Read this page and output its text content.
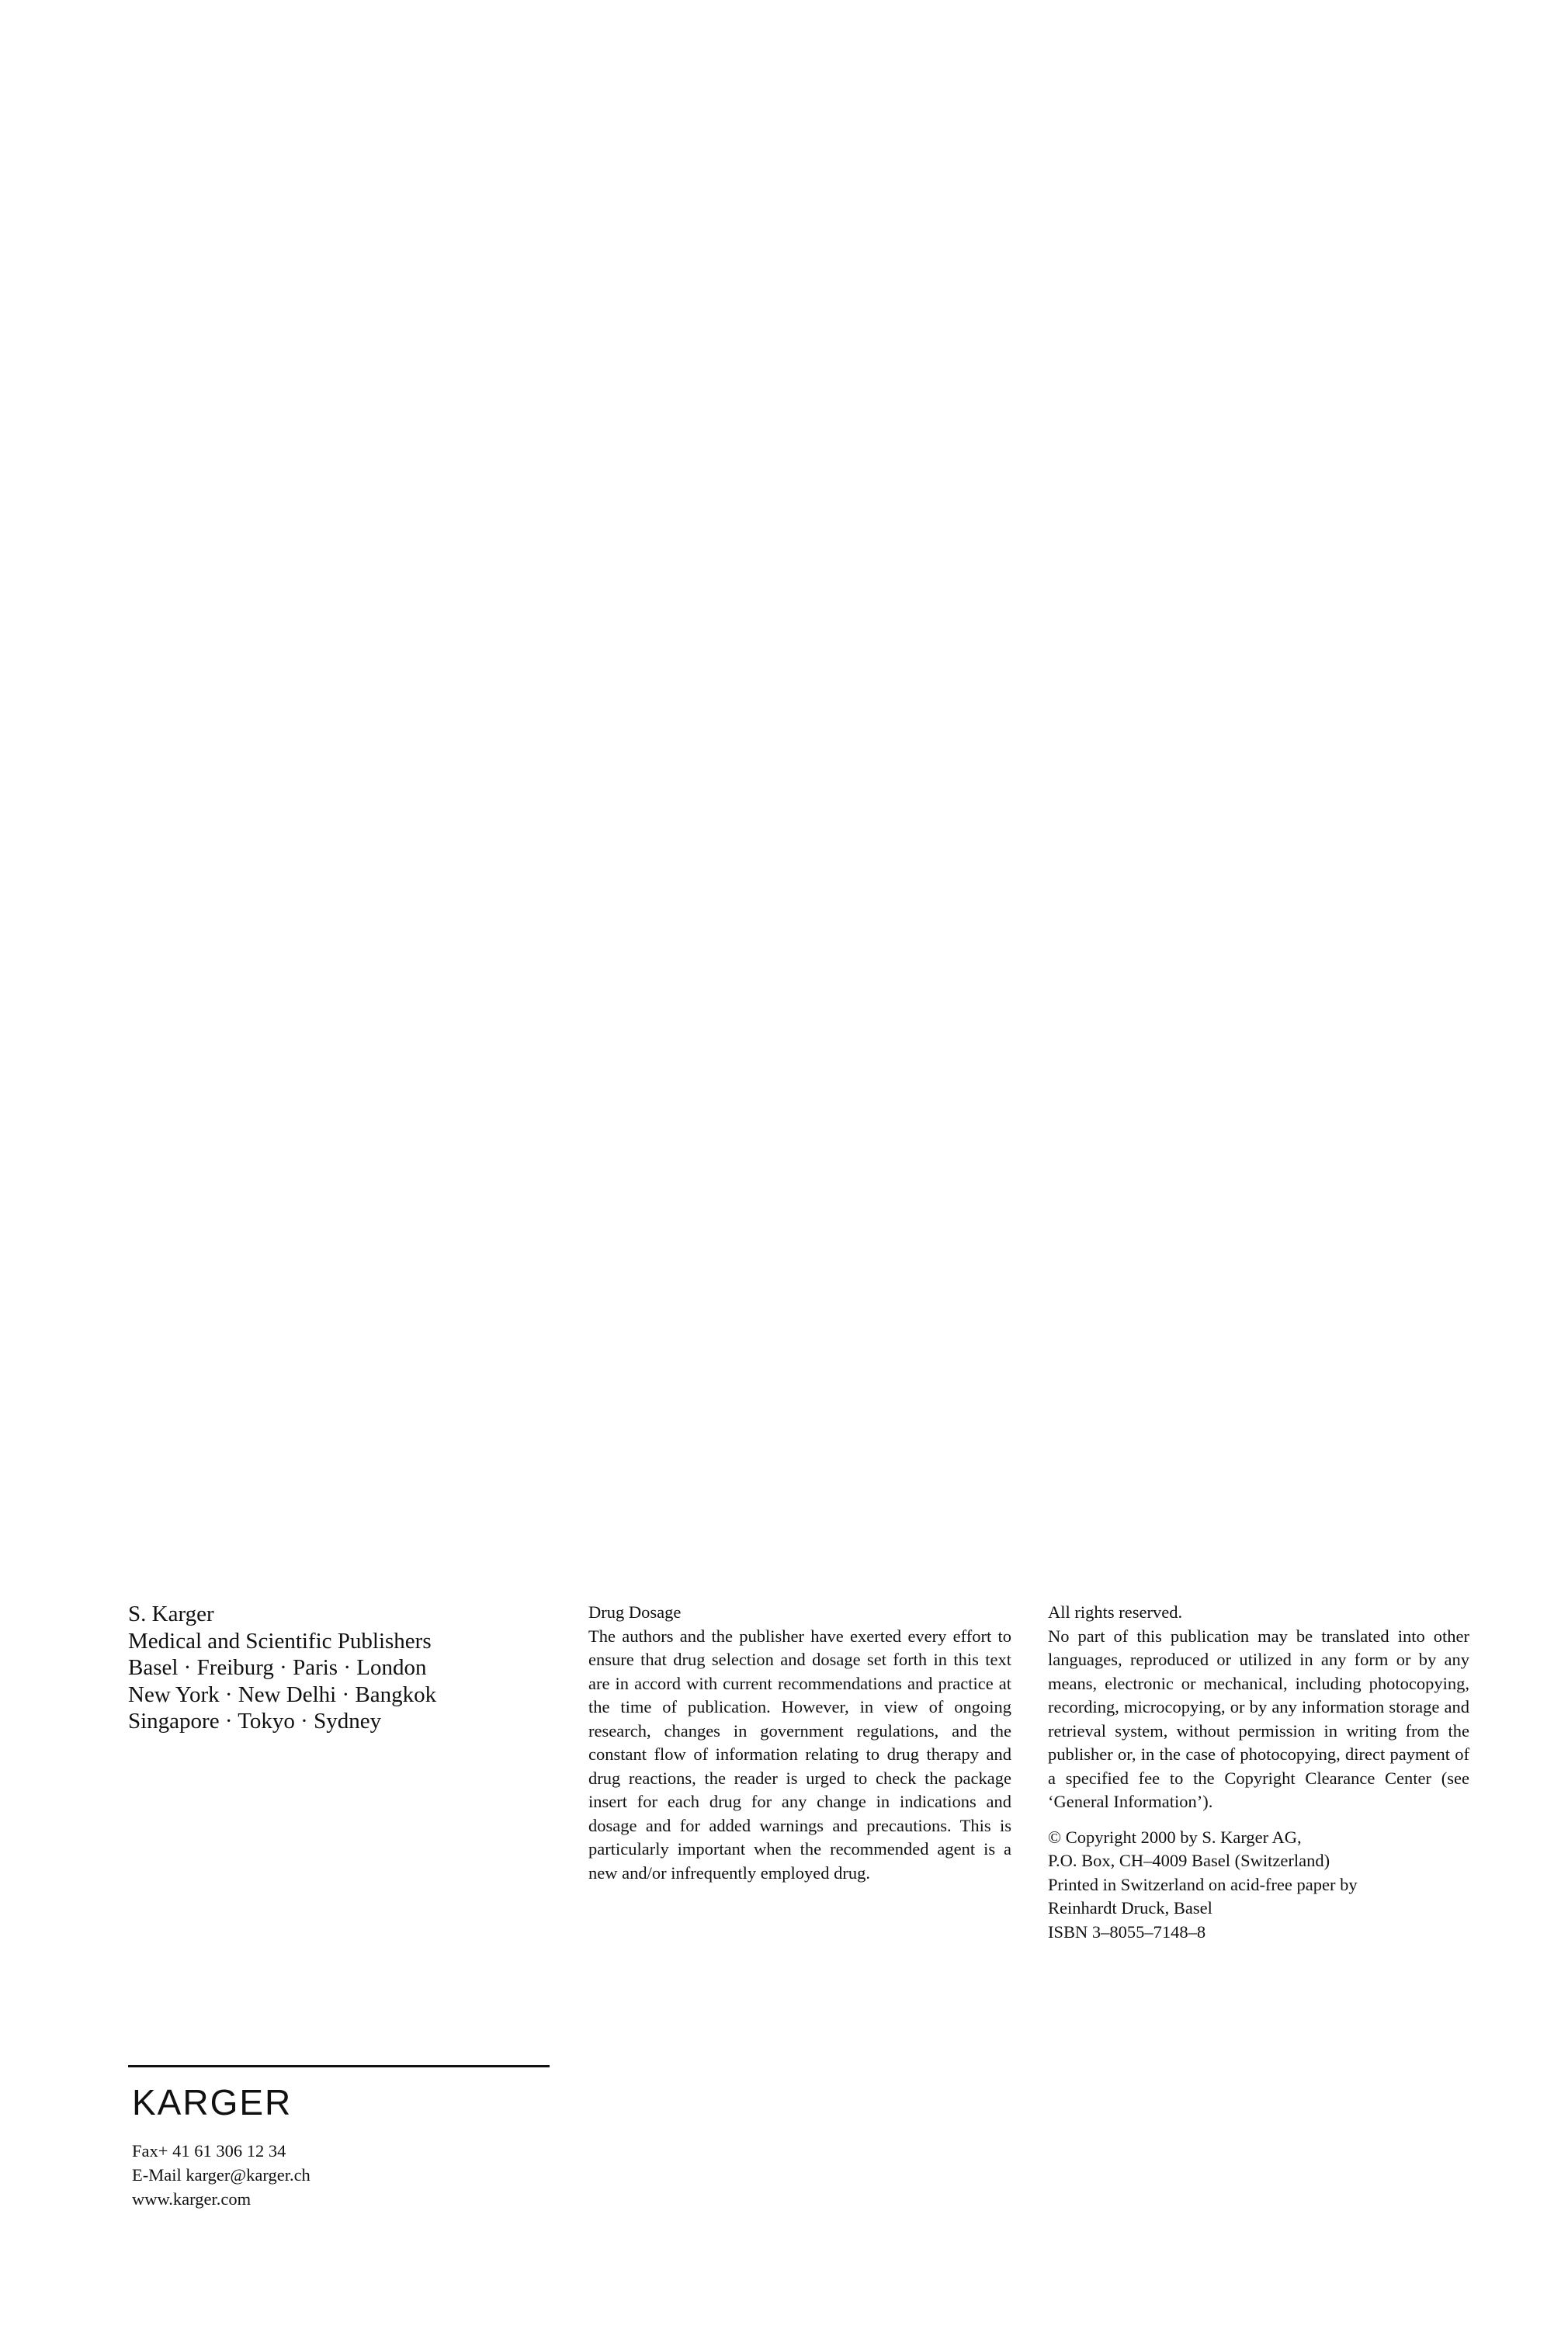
S. Karger
Medical and Scientific Publishers
Basel · Freiburg · Paris · London
New York · New Delhi · Bangkok
Singapore · Tokyo · Sydney
Drug Dosage
The authors and the publisher have exerted every effort to ensure that drug selection and dosage set forth in this text are in accord with current recommendations and practice at the time of publication. However, in view of ongoing research, changes in government regulations, and the constant flow of information relating to drug therapy and drug reactions, the reader is urged to check the package insert for each drug for any change in indications and dosage and for added warnings and precautions. This is particularly important when the recommended agent is a new and/or infrequently employed drug.
All rights reserved.
No part of this publication may be translated into other languages, reproduced or utilized in any form or by any means, electronic or mechanical, including photocopying, recording, microcopying, or by any information storage and retrieval system, without permission in writing from the publisher or, in the case of photocopying, direct payment of a specified fee to the Copyright Clearance Center (see ‘General Information’).
© Copyright 2000 by S. Karger AG,
P.O. Box, CH–4009 Basel (Switzerland)
Printed in Switzerland on acid-free paper by
Reinhardt Druck, Basel
ISBN 3–8055–7148–8
KARGER
Fax+ 41 61 306 12 34
E-Mail karger@karger.ch
www.karger.com
